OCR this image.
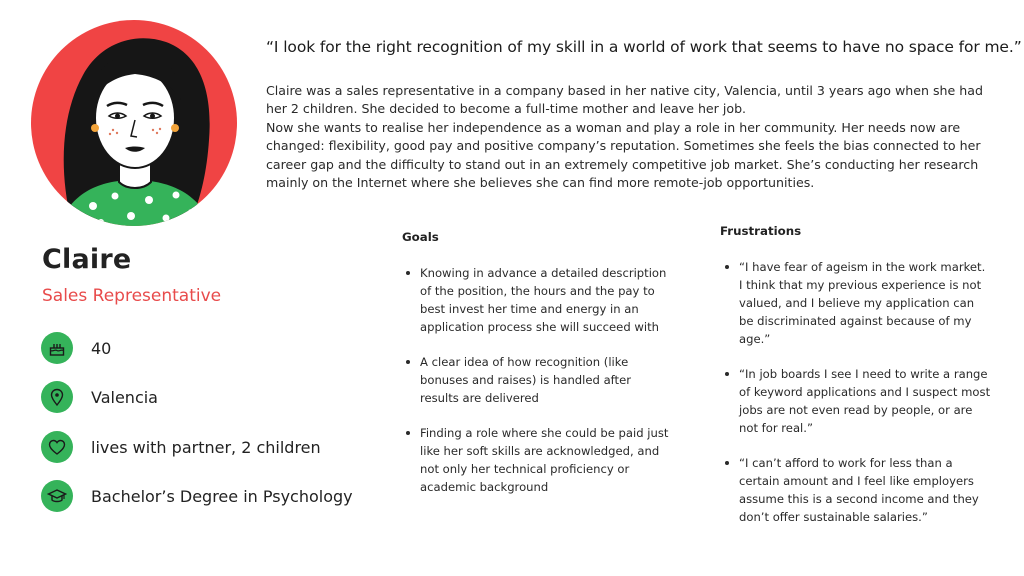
Claire
Sales Representative
40
Valencia
lives with partner, 2 children
Bachelor’s Degree in Psychology
“I look for the right recognition of my skill in a world of work that seems to have no space for me.”

Claire was a sales representative in a company based in her native city, Valencia, until 3 years ago when she had her 2 children. She decided to become a full-time mother and leave her job.

Now she wants to realise her independence as a woman and play a role in her community. Her needs now are changed: flexibility, good pay and positive company’s reputation. Sometimes she feels the bias connected to her career gap and the difficulty to stand out in an extremely competitive job market. She’s conducting her research mainly on the Internet where she believes she can find more remote-job opportunities.

Goals
Knowing in advance a detailed description of the position, the hours and the pay to best invest her time and energy in an application process she will succeed with
A clear idea of how recognition (like bonuses and raises) is handled after results are delivered
Finding a role where she could be paid just like her soft skills are acknowledged, and not only her technical proficiency or academic background
Frustrations
“I have fear of ageism in the work market. I think that my previous experience is not valued, and I believe my application can be discriminated against because of my age.”
“In job boards I see I need to write a range of keyword applications and I suspect most jobs are not even read by people, or are not for real.”
“I can’t afford to work for less than a certain amount and I feel like employers assume this is a second income and they don’t offer sustainable salaries.”
